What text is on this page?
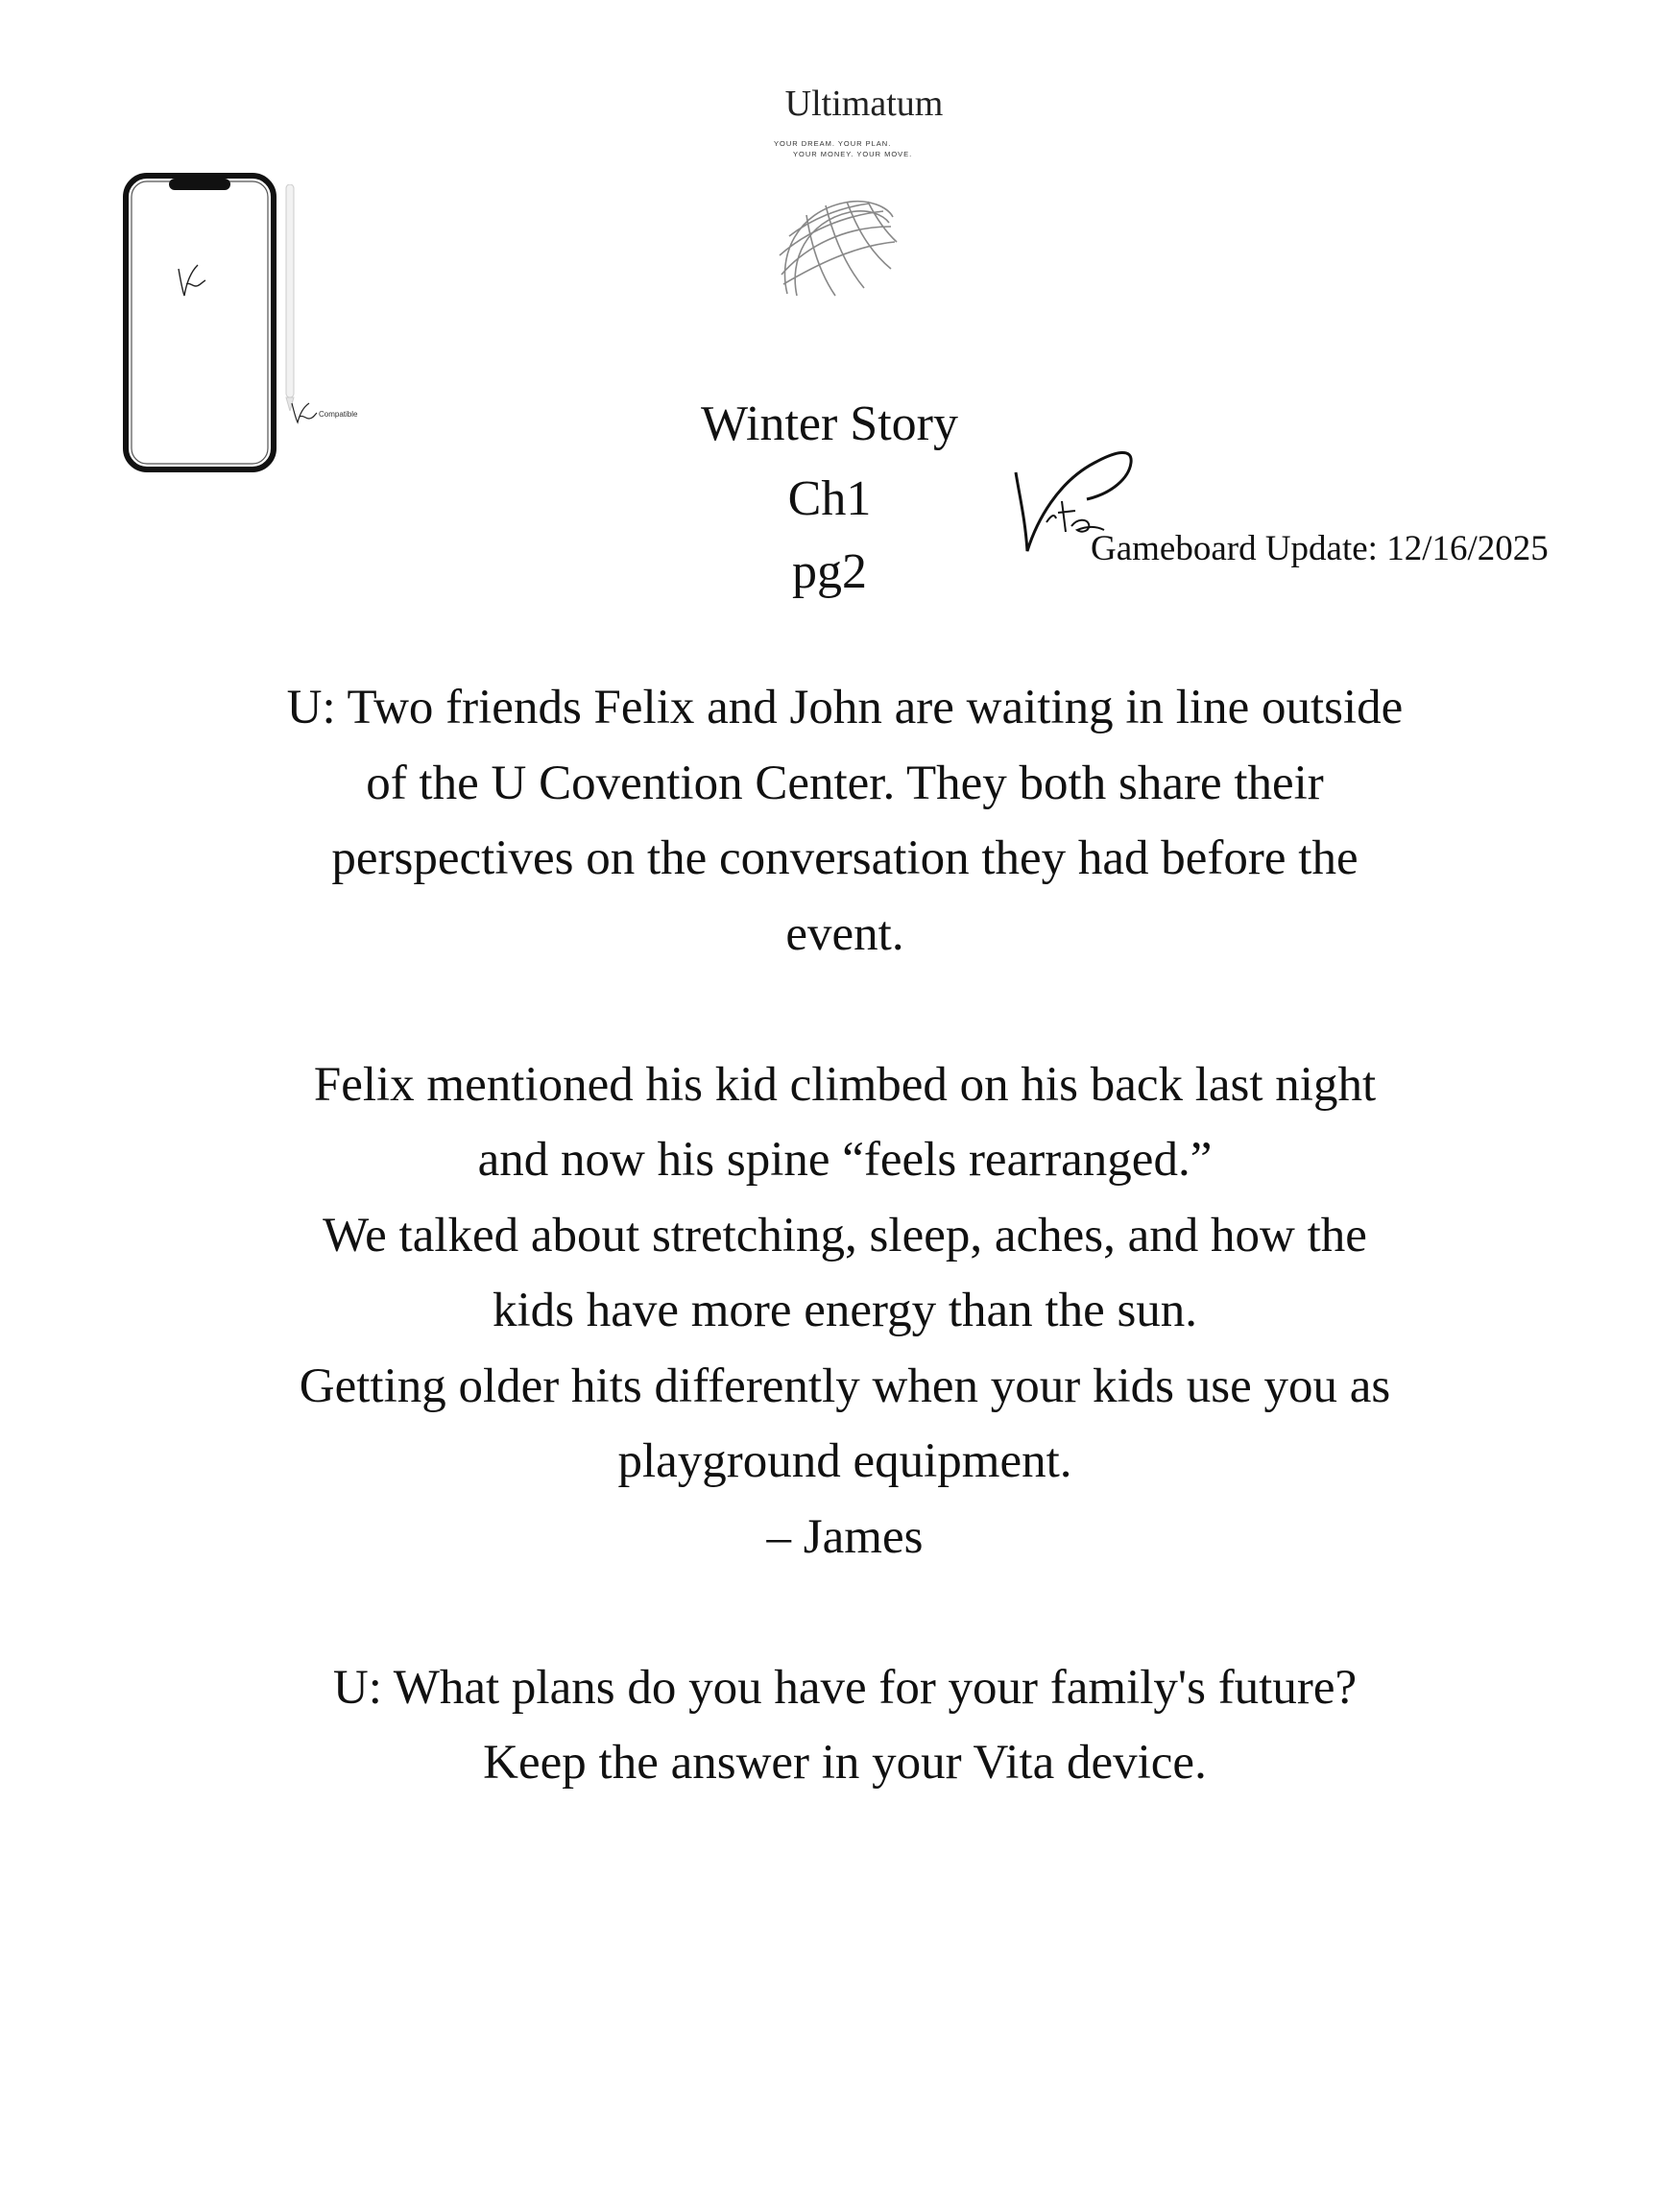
Ultimatum
YOUR DREAM. YOUR PLAN.
YOUR MONEY. YOUR MOVE.
Compatible	Winter Story
Ch1
pg2	Gameboard Update: 12/16/2025

U: Two friends Felix and John are waiting in line outside

of the U Covention Center. They both share their

perspectives on the conversation they had before the

event.

Felix mentioned his kid climbed on his back last night

and now his spine “feels rearranged.”

We talked about stretching, sleep, aches, and how the

kids have more energy than the sun.

Getting older hits differently when your kids use you as

playground equipment.

– James

U: What plans do you have for your family's future?

Keep the answer in your Vita device.
